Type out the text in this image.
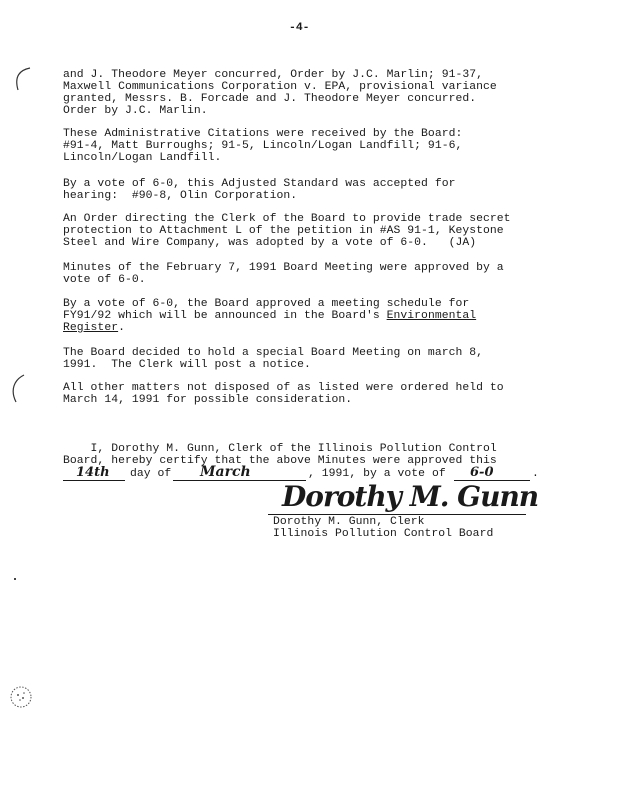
-4-
and J. Theodore Meyer concurred, Order by J.C. Marlin; 91-37,
Maxwell Communications Corporation v. EPA, provisional variance
granted, Messrs. B. Forcade and J. Theodore Meyer concurred.
Order by J.C. Marlin.
These Administrative Citations were received by the Board:
#91-4, Matt Burroughs; 91-5, Lincoln/Logan Landfill; 91-6,
Lincoln/Logan Landfill.
By a vote of 6-0, this Adjusted Standard was accepted for
hearing:  #90-8, Olin Corporation.
An Order directing the Clerk of the Board to provide trade secret
protection to Attachment L of the petition in #AS 91-1, Keystone
Steel and Wire Company, was adopted by a vote of 6-0.   (JA)
Minutes of the February 7, 1991 Board Meeting were approved by a
vote of 6-0.
By a vote of 6-0, the Board approved a meeting schedule for
FY91/92 which will be announced in the Board's Environmental
Register.
The Board decided to hold a special Board Meeting on march 8,
1991.  The Clerk will post a notice.
All other matters not disposed of as listed were ordered held to
March 14, 1991 for possible consideration.
I, Dorothy M. Gunn, Clerk of the Illinois Pollution Control
Board, hereby certify that the above Minutes were approved this
14th day of March	, 1991, by a vote of 6-0	.
Dorothy M. Gunn
Dorothy M. Gunn, Clerk
Illinois Pollution Control Board
